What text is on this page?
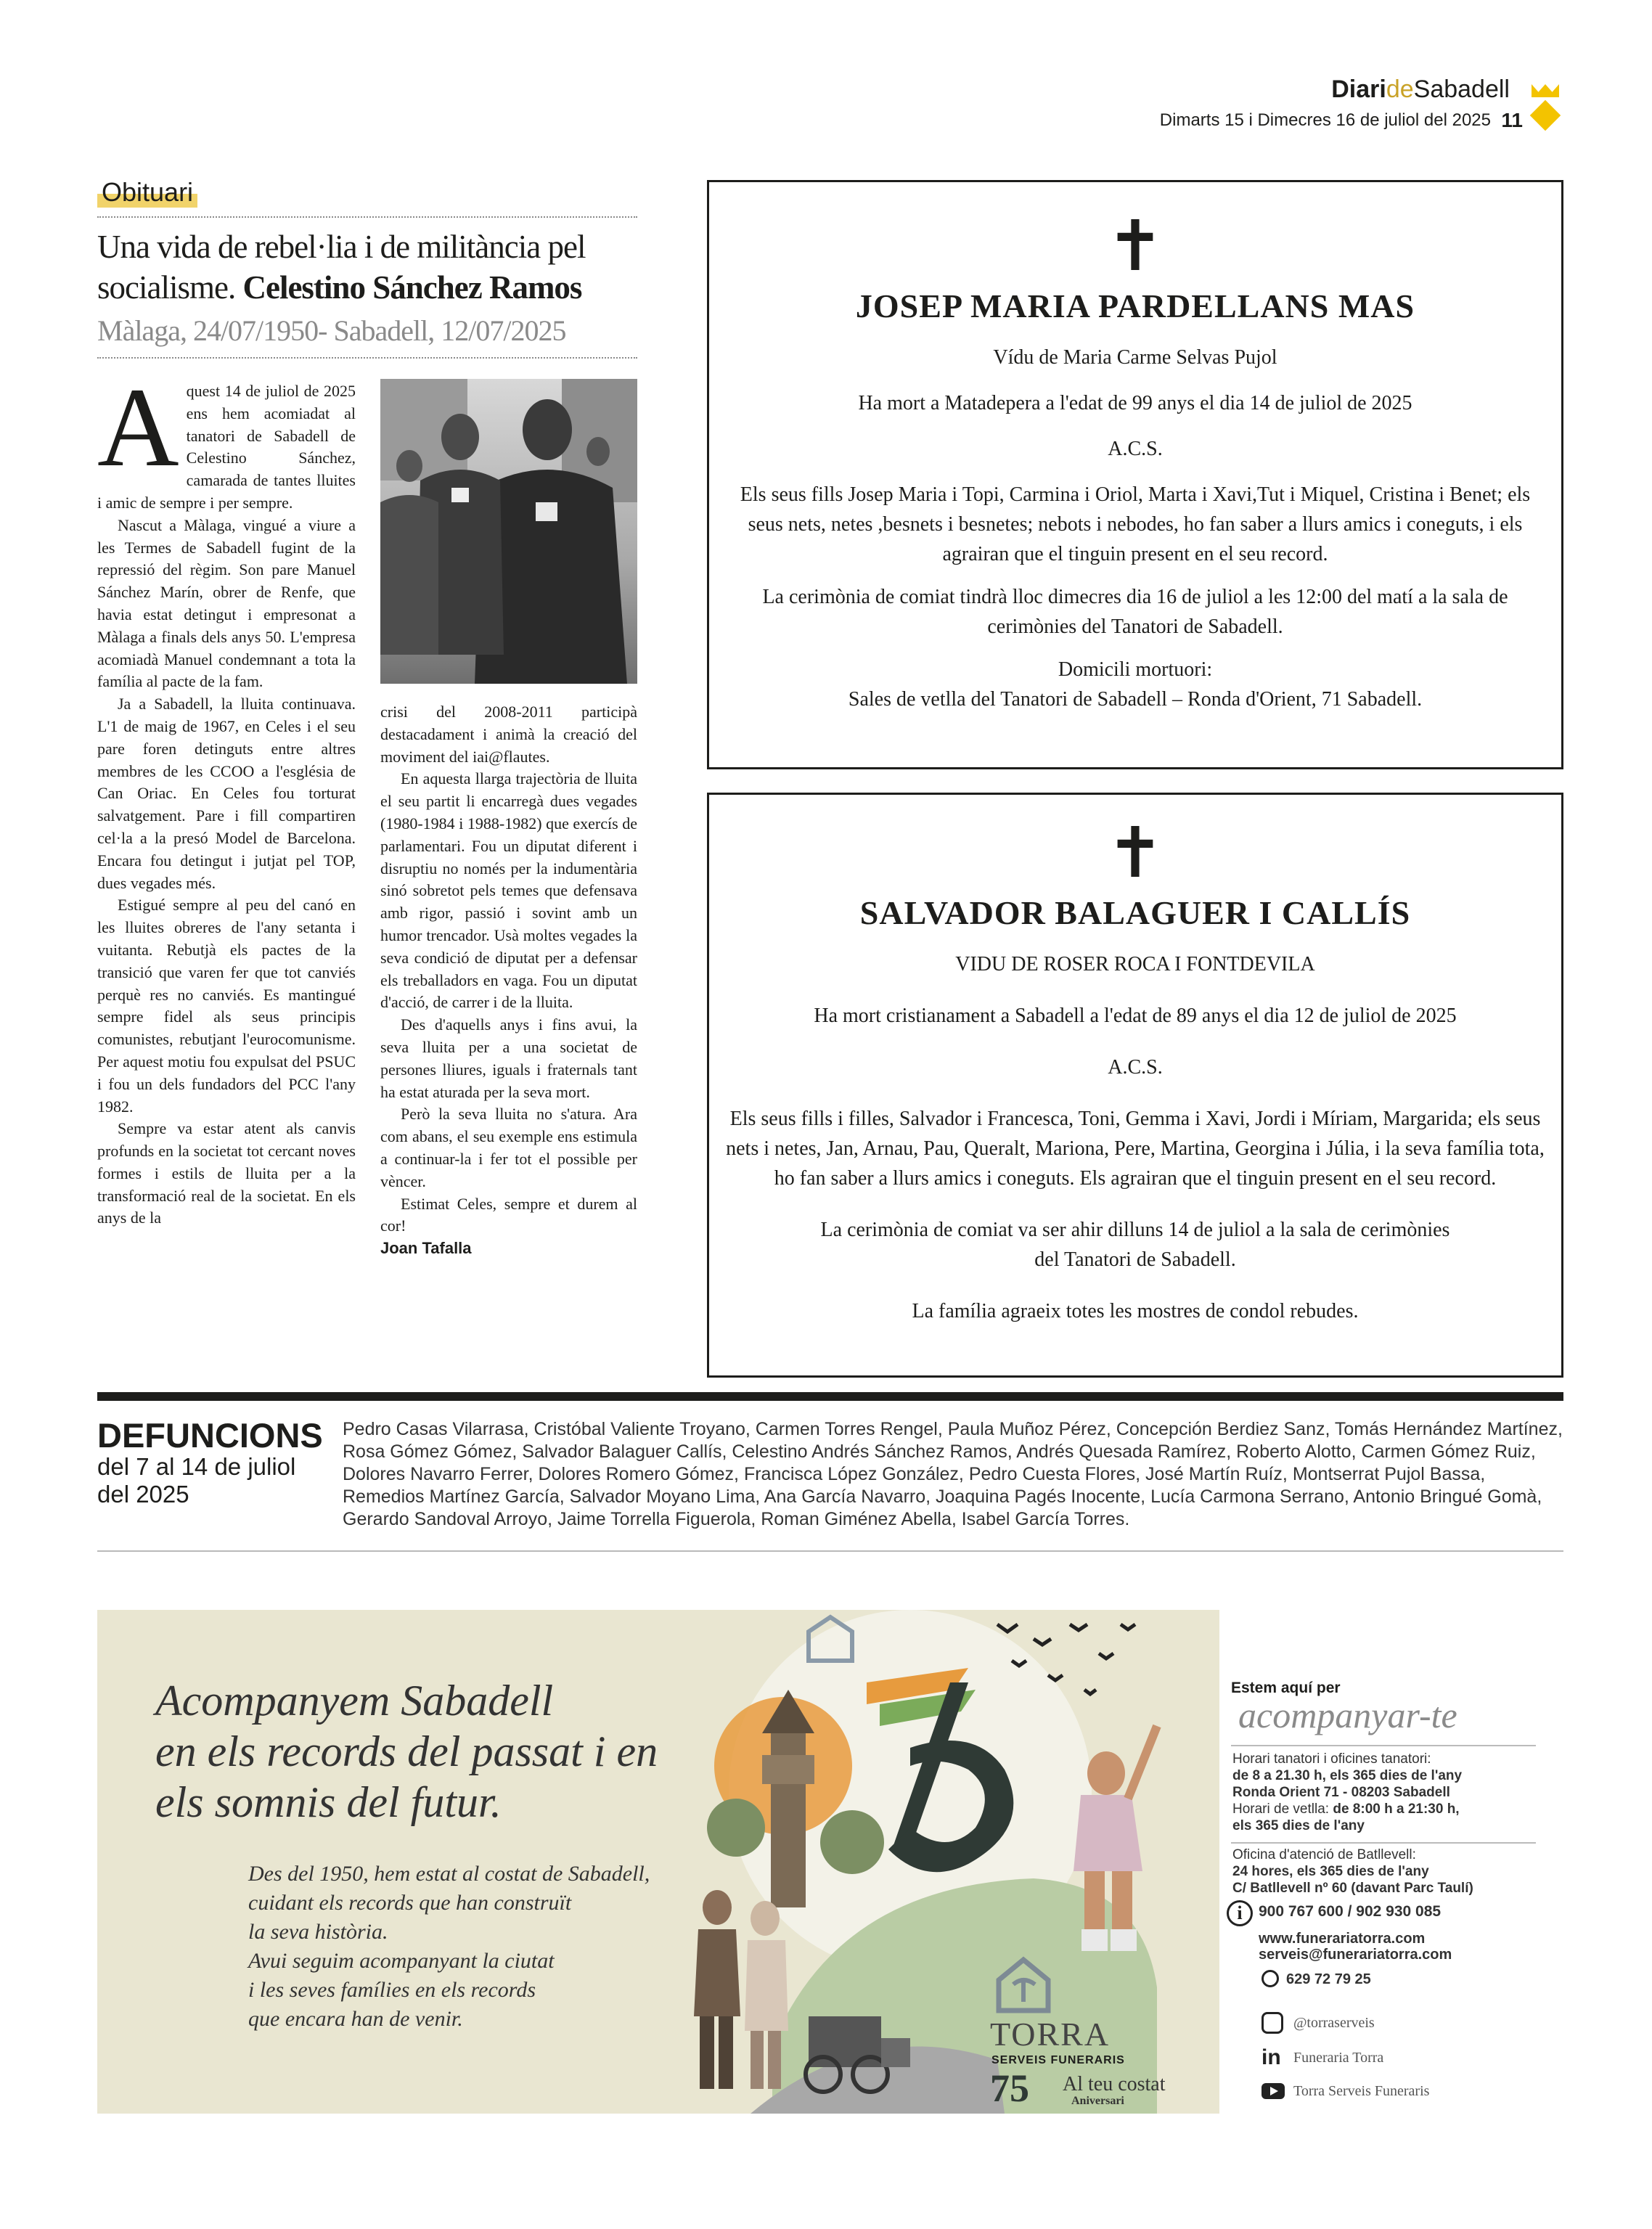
DiarideSabadell
Dimarts 15 i Dimecres 16 de juliol del 2025 11
Obituari
Una vida de rebel·lia i de militància pel socialisme. Celestino Sánchez Ramos
Màlaga, 24/07/1950- Sabadell, 12/07/2025

Aquest 14 de juliol de 2025 ens hem acomiadat al tanatori de Sabadell de Celestino Sánchez, camarada de tantes lluites i amic de sempre i per sempre.

Nascut a Màlaga, vingué a viure a les Termes de Sabadell fugint de la repressió del règim. Son pare Manuel Sánchez Marín, obrer de Renfe, que havia estat detingut i empresonat a Màlaga a finals dels anys 50. L'empresa acomiadà Manuel condemnant a tota la família al pacte de la fam.

Ja a Sabadell, la lluita continuava. L'1 de maig de 1967, en Celes i el seu pare foren detinguts entre altres membres de les CCOO a l'església de Can Oriac. En Celes fou torturat salvatgement. Pare i fill compartiren cel·la a la presó Model de Barcelona. Encara fou detingut i jutjat pel TOP, dues vegades més.

Estigué sempre al peu del canó en les lluites obreres de l'any setanta i vuitanta. Rebutjà els pactes de la transició que varen fer que tot canviés perquè res no canviés. Es mantingué sempre fidel als seus principis comunistes, rebutjant l'eurocomunisme. Per aquest motiu fou expulsat del PSUC i fou un dels fundadors del PCC l'any 1982.

Sempre va estar atent als canvis profunds en la societat tot cercant noves formes i estils de lluita per a la transformació real de la societat. En els anys de la

crisi del 2008-2011 participà destacadament i animà la creació del moviment del iai@flautes.

En aquesta llarga trajectòria de lluita el seu partit li encarregà dues vegades (1980-1984 i 1988-1982) que exercís de parlamentari. Fou un diputat diferent i disruptiu no només per la indumentària sinó sobretot pels temes que defensava amb rigor, passió i sovint amb un humor trencador. Usà moltes vegades la seva condició de diputat per a defensar els treballadors en vaga. Fou un diputat d'acció, de carrer i de la lluita.

Des d'aquells anys i fins avui, la seva lluita per a una societat de persones lliures, iguals i fraternals tant ha estat aturada per la seva mort.

Però la seva lluita no s'atura. Ara com abans, el seu exemple ens estimula a continuar-la i fer tot el possible per vèncer.

Estimat Celes, sempre et durem al cor!

Joan Tafalla
✝
JOSEP MARIA PARDELLANS MAS
Vídu de Maria Carme Selvas Pujol
Ha mort a Matadepera a l'edat de 99 anys el dia 14 de juliol de 2025
A.C.S.
Els seus fills Josep Maria i Topi, Carmina i Oriol, Marta i Xavi,Tut i Miquel, Cristina i Benet; els seus nets, netes ,besnets i besnetes; nebots i nebodes, ho fan saber a llurs amics i coneguts, i els agrairan que el tinguin present en el seu record.
La cerimònia de comiat tindrà lloc dimecres dia 16 de juliol a les 12:00 del matí a la sala de cerimònies del Tanatori de Sabadell.
Domicili mortuori:
Sales de vetlla del Tanatori de Sabadell – Ronda d'Orient, 71 Sabadell.
✝
SALVADOR BALAGUER I CALLÍS
VIDU DE ROSER ROCA I FONTDEVILA
Ha mort cristianament a Sabadell a l'edat de 89 anys el dia 12 de juliol de 2025
A.C.S.
Els seus fills i filles, Salvador i Francesca, Toni, Gemma i Xavi, Jordi i Míriam, Margarida; els seus nets i netes, Jan, Arnau, Pau, Queralt, Mariona, Pere, Martina, Georgina i Júlia, i la seva família tota, ho fan saber a llurs amics i coneguts. Els agrairan que el tinguin present en el seu record.
La cerimònia de comiat va ser ahir dilluns 14 de juliol a la sala de cerimònies del Tanatori de Sabadell.
La família agraeix totes les mostres de condol rebudes.
DEFUNCIONS
del 7 al 14 de juliol del 2025
Pedro Casas Vilarrasa, Cristóbal Valiente Troyano, Carmen Torres Rengel, Paula Muñoz Pérez, Concepción Berdiez Sanz, Tomás Hernández Martínez, Rosa Gómez Gómez, Salvador Balaguer Callís, Celestino Andrés Sánchez Ramos, Andrés Quesada Ramírez, Roberto Alotto, Carmen Gómez Ruiz, Dolores Navarro Ferrer, Dolores Romero Gómez, Francisca López González, Pedro Cuesta Flores, José Martín Ruíz, Montserrat Pujol Bassa, Remedios Martínez García, Salvador Moyano Lima, Ana García Navarro, Joaquina Pagés Inocente, Lucía Carmona Serrano, Antonio Bringué Gomà, Gerardo Sandoval Arroyo, Jaime Torrella Figuerola, Roman Giménez Abella, Isabel García Torres.
Acompanyem Sabadell
en els records del passat i en
els somnis del futur.
Des del 1950, hem estat al costat de Sabadell,
cuidant els records que han construït
la seva història.
Avui seguim acompanyant la ciutat
i les seves famílies en els records
que encara han de venir.	TORRA
SERVEIS FUNERARIS
75 Al teu costat
Aniversari
Estem aquí per
acompanyar-te
Horari tanatori i oficines tanatori:
de 8 a 21.30 h, els 365 dies de l'any
Ronda Orient 71 - 08203 Sabadell
Horari de vetlla: de 8:00 h a 21:30 h,
els 365 dies de l'any
Oficina d'atenció de Batllevell:
24 hores, els 365 dies de l'any
C/ Batllevell nº 60 (davant Parc Taulí)
i	900 767 600 / 902 930 085
www.funerariatorra.com
serveis@funerariatorra.com
629 72 79 25
@torraserveis
in Funeraria Torra
Torra Serveis Funeraris
